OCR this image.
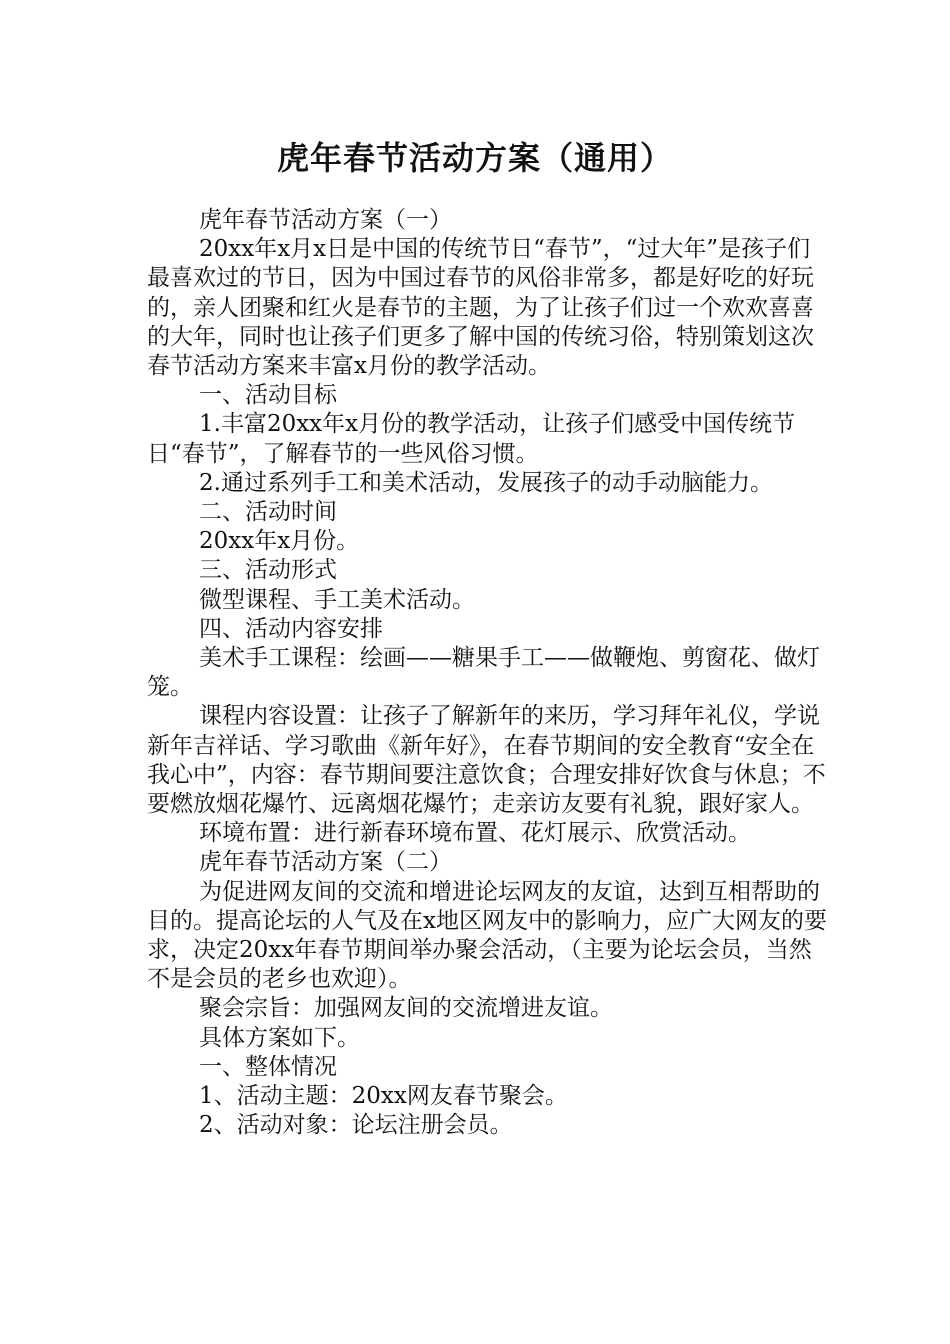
虎年春节活动方案（通用）

虎年春节活动方案（一）

20xx年x月x日是中国的传统节日“春节”，“过大年”是孩子们最喜欢过的节日，因为中国过春节的风俗非常多，都是好吃的好玩的，亲人团聚和红火是春节的主题，为了让孩子们过一个欢欢喜喜的大年，同时也让孩子们更多了解中国的传统习俗，特别策划这次春节活动方案来丰富x月份的教学活动。

一、活动目标

1.丰富20xx年x月份的教学活动，让孩子们感受中国传统节日“春节”，了解春节的一些风俗习惯。

2.通过系列手工和美术活动，发展孩子的动手动脑能力。

二、活动时间

20xx年x月份。

三、活动形式

微型课程、手工美术活动。

四、活动内容安排

美术手工课程：绘画——糖果手工——做鞭炮、剪窗花、做灯笼。

课程内容设置：让孩子了解新年的来历，学习拜年礼仪，学说新年吉祥话、学习歌曲《新年好》，在春节期间的安全教育“安全在我心中”，内容：春节期间要注意饮食；合理安排好饮食与休息；不要燃放烟花爆竹、远离烟花爆竹；走亲访友要有礼貌，跟好家人。

环境布置：进行新春环境布置、花灯展示、欣赏活动。

虎年春节活动方案（二）

为促进网友间的交流和增进论坛网友的友谊，达到互相帮助的目的。提高论坛的人气及在x地区网友中的影响力，应广大网友的要求，决定20xx年春节期间举办聚会活动，（主要为论坛会员，当然不是会员的老乡也欢迎）。

聚会宗旨：加强网友间的交流增进友谊。

具体方案如下。

一、整体情况

1、活动主题：20xx网友春节聚会。

2、活动对象：论坛注册会员。
